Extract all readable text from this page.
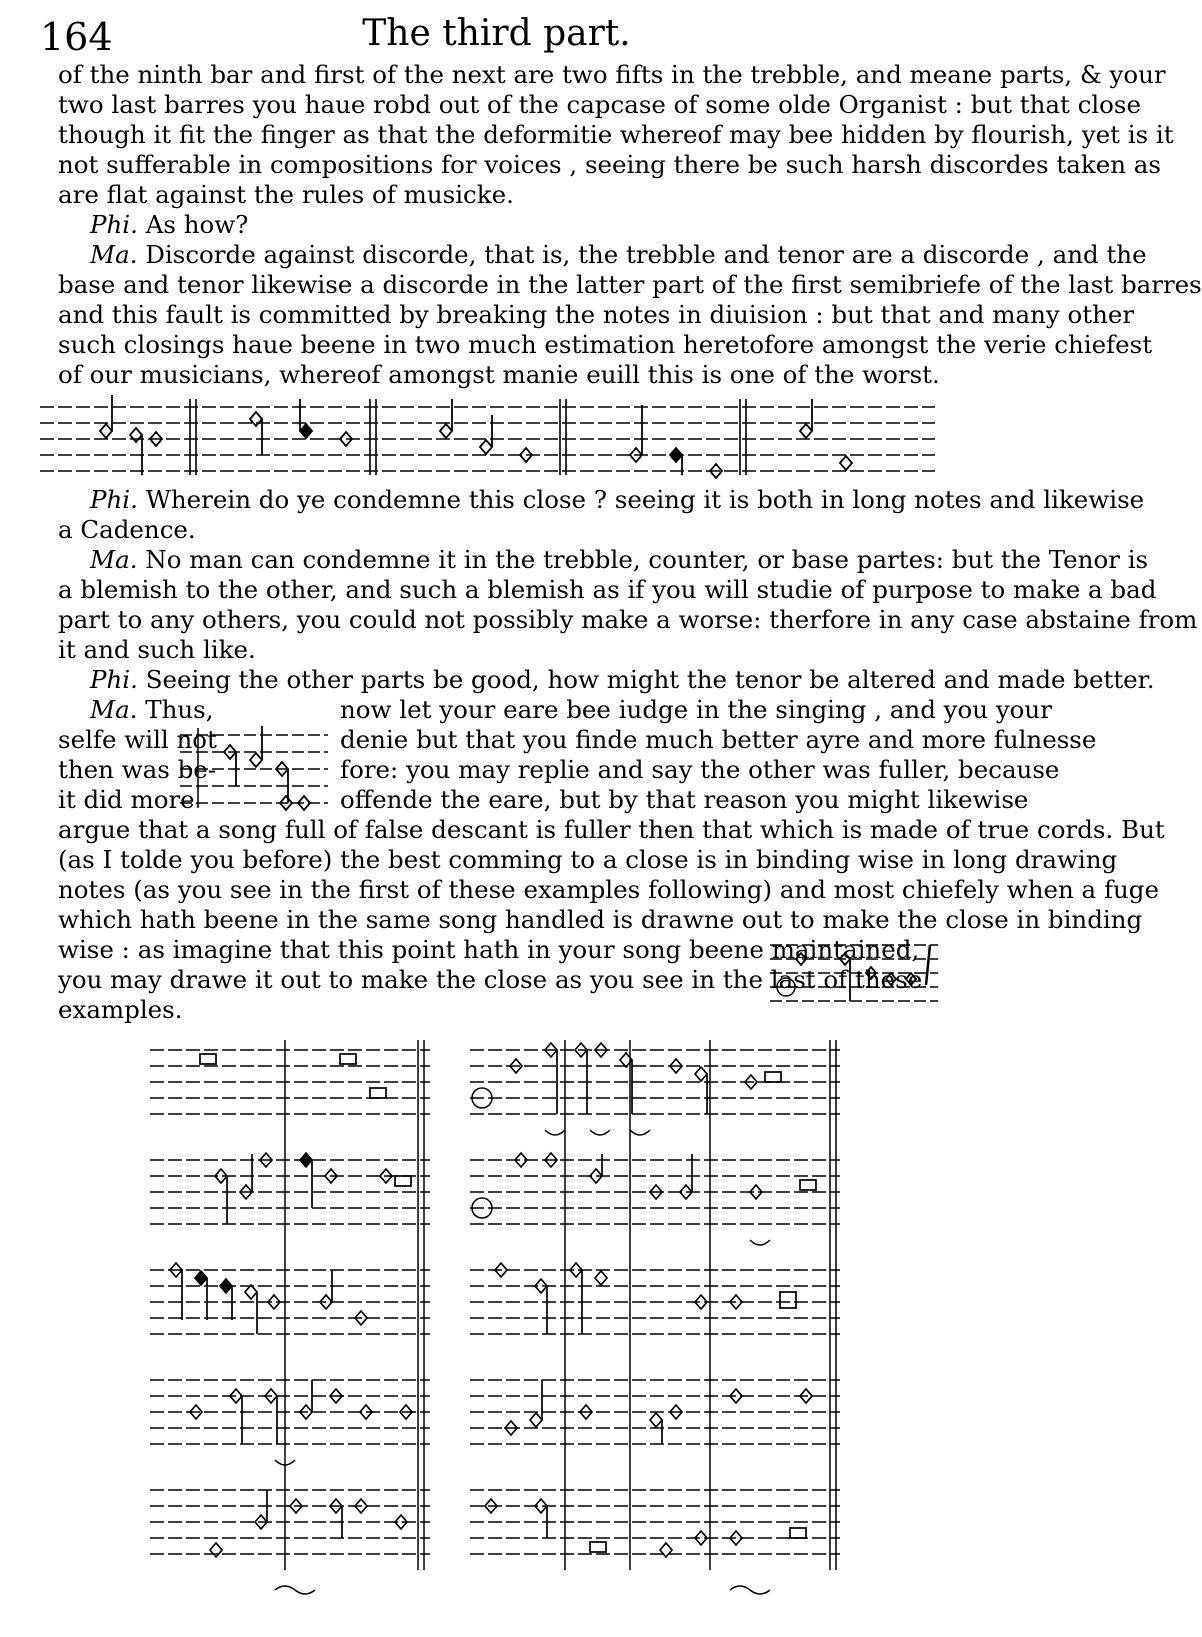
164	The third part.
of the ninth bar and first of the next are two fifts in the trebble, and meane parts, & your
two last barres you haue robd out of the capcase of some olde Organist : but that close
though it fit the finger as that the deformitie whereof may bee hidden by flourish, yet is it
not sufferable in compositions for voices , seeing there be such harsh discordes taken as
are flat against the rules of musicke.
Phi. As how?
Ma. Discorde against discorde, that is, the trebble and tenor are a discorde , and the
base and tenor likewise a discorde in the latter part of the first semibriefe of the last barres
and this fault is committed by breaking the notes in diuision : but that and many other
such closings haue beene in two much estimation heretofore amongst the verie chiefest
of our musicians, whereof amongst manie euill this is one of the worst.
Phi. Wherein do ye condemne this close ? seeing it is both in long notes and likewise
a Cadence.
Ma. No man can condemne it in the trebble, counter, or base partes: but the Tenor is
a blemish to the other, and such a blemish as if you will studie of purpose to make a bad
part to any others, you could not possibly make a worse: therfore in any case abstaine from
it and such like.
Phi. Seeing the other parts be good, how might the tenor be altered and made better.
Ma. Thus,	now let your eare bee iudge in the singing , and you your
selfe will not
then was be-
it did more
denie but that you finde much better ayre and more fulnesse
fore: you may replie and say the other was fuller, because
offende the eare, but by that reason you might likewise
argue that a song full of false descant is fuller then that which is made of true cords. But
(as I tolde you before) the best comming to a close is in binding wise in long drawing
notes (as you see in the first of these examples following) and most chiefely when a fuge
which hath beene in the same song handled is drawne out to make the close in binding
wise : as imagine that this point hath in your song beene maintained,
you may drawe it out to make the close as you see in the last of these
examples.
